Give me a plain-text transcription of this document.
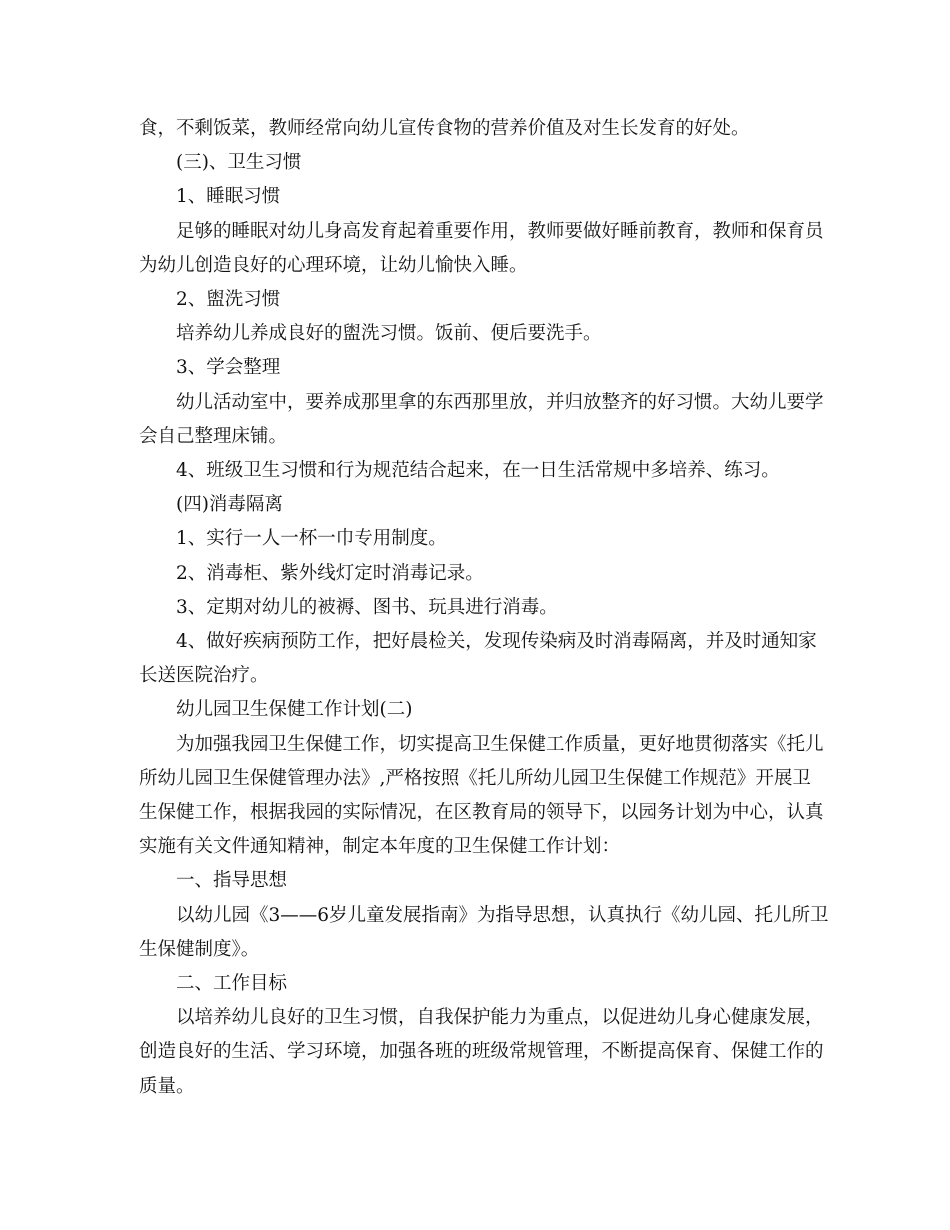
食，不剩饭菜，教师经常向幼儿宣传食物的营养价值及对生长发育的好处。

(三)、卫生习惯

1、睡眠习惯

足够的睡眠对幼儿身高发育起着重要作用，教师要做好睡前教育，教师和保育员为幼儿创造良好的心理环境，让幼儿愉快入睡。

2、盥洗习惯

培养幼儿养成良好的盥洗习惯。饭前、便后要洗手。

3、学会整理

幼儿活动室中，要养成那里拿的东西那里放，并归放整齐的好习惯。大幼儿要学会自己整理床铺。

4、班级卫生习惯和行为规范结合起来，在一日生活常规中多培养、练习。

(四)消毒隔离

1、实行一人一杯一巾专用制度。

2、消毒柜、紫外线灯定时消毒记录。

3、定期对幼儿的被褥、图书、玩具进行消毒。

4、做好疾病预防工作，把好晨检关，发现传染病及时消毒隔离，并及时通知家长送医院治疗。

幼儿园卫生保健工作计划(二)

为加强我园卫生保健工作，切实提高卫生保健工作质量，更好地贯彻落实《托儿所幼儿园卫生保健管理办法》,严格按照《托儿所幼儿园卫生保健工作规范》开展卫生保健工作，根据我园的实际情况，在区教育局的领导下，以园务计划为中心，认真实施有关文件通知精神，制定本年度的卫生保健工作计划：

一、指导思想

以幼儿园《3——6岁儿童发展指南》为指导思想，认真执行《幼儿园、托儿所卫生保健制度》。

二、工作目标

以培养幼儿良好的卫生习惯，自我保护能力为重点，以促进幼儿身心健康发展，创造良好的生活、学习环境，加强各班的班级常规管理，不断提高保育、保健工作的质量。
